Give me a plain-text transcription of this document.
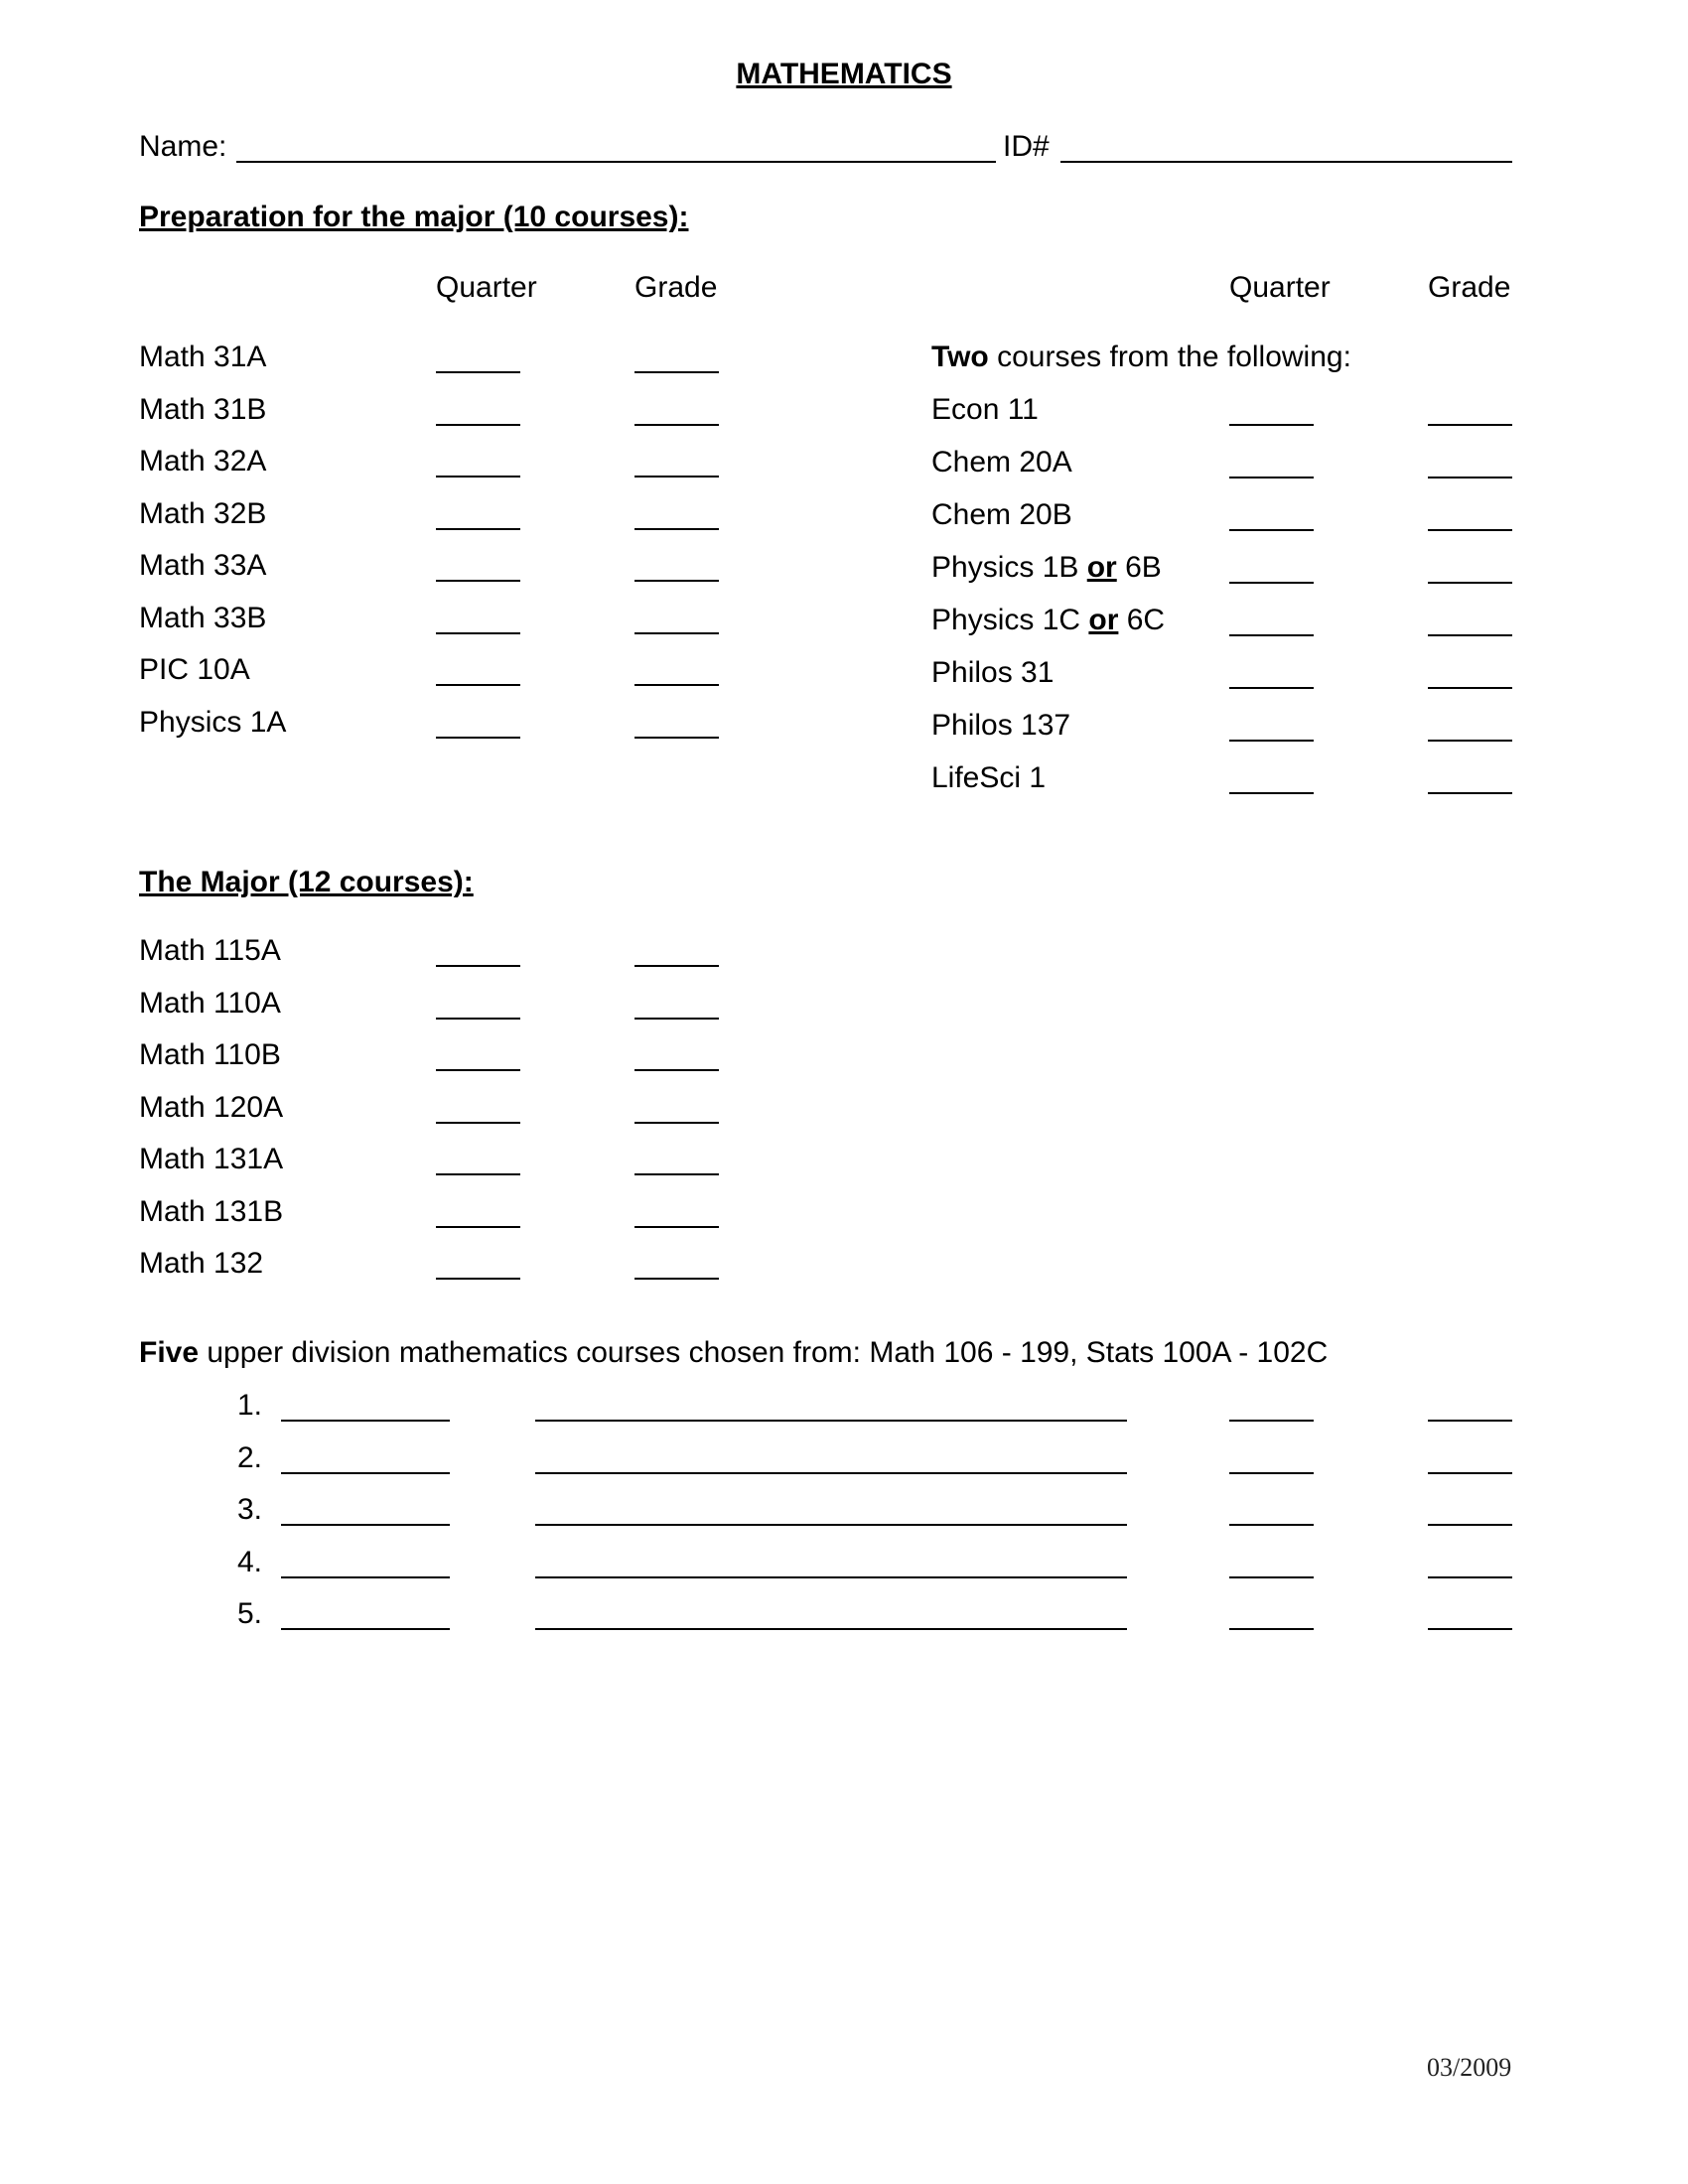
MATHEMATICS
Name:	ID#
Preparation for the major (10 courses):
Quarter	Grade	Quarter	Grade
Math 31A
Math 31B
Math 32A
Math 32B
Math 33A
Math 33B
PIC 10A
Physics 1A
Two courses from the following:
Econ 11
Chem 20A
Chem 20B
Physics 1B or 6B
Physics 1C or 6C
Philos 31
Philos 137
LifeSci 1
The Major (12 courses):
Math 115A
Math 110A
Math 110B
Math 120A
Math 131A
Math 131B
Math 132
Five upper division mathematics courses chosen from: Math 106 - 199, Stats 100A - 102C
1.
2.
3.
4.
5.
03/2009
